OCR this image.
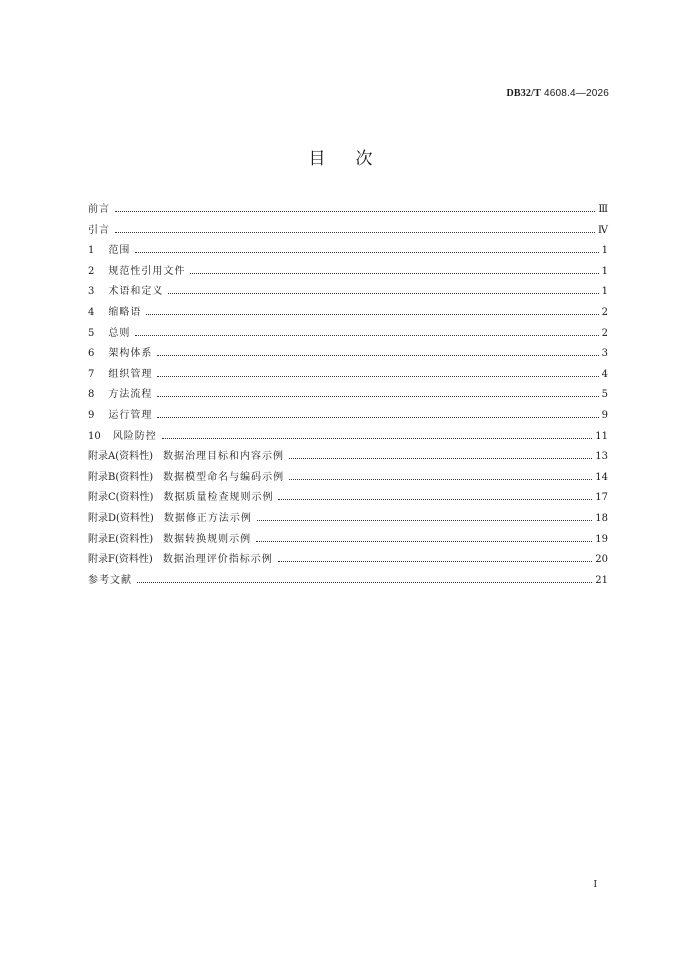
DB32/T 4608.4—2026
目次
前言	Ⅲ
引言	Ⅳ
1 范围	1
2 规范性引用文件	1
3 术语和定义	1
4 缩略语	2
5 总则	2
6 架构体系	3
7 组织管理	4
8 方法流程	5
9 运行管理	9
10 风险防控	11
附录A(资料性) 数据治理目标和内容示例	13
附录B(资料性) 数据模型命名与编码示例	14
附录C(资料性) 数据质量检查规则示例	17
附录D(资料性) 数据修正方法示例	18
附录E(资料性) 数据转换规则示例	19
附录F(资料性) 数据治理评价指标示例	20
参考文献	21
I
